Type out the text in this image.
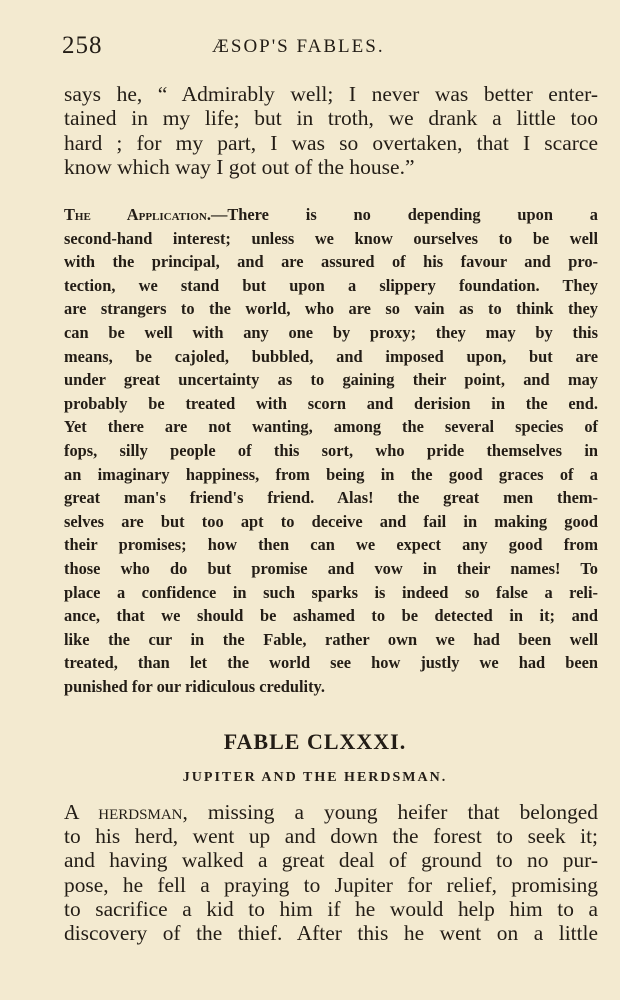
258	ÆSOP'S FABLES.

says he, “ Admirably well; I never was better enter-
tained in my life; but in troth, we drank a little too
hard ; for my part, I was so overtaken, that I scarce
know which way I got out of the house.”

The Application.—There is no depending upon a
second-hand interest; unless we know ourselves to be well
with the principal, and are assured of his favour and pro-
tection, we stand but upon a slippery foundation. They
are strangers to the world, who are so vain as to think they
can be well with any one by proxy; they may by this
means, be cajoled, bubbled, and imposed upon, but are
under great uncertainty as to gaining their point, and may
probably be treated with scorn and derision in the end.
Yet there are not wanting, among the several species of
fops, silly people of this sort, who pride themselves in
an imaginary happiness, from being in the good graces of a
great man's friend's friend. Alas! the great men them-
selves are but too apt to deceive and fail in making good
their promises; how then can we expect any good from
those who do but promise and vow in their names! To
place a confidence in such sparks is indeed so false a reli-
ance, that we should be ashamed to be detected in it; and
like the cur in the Fable, rather own we had been well
treated, than let the world see how justly we had been
punished for our ridiculous credulity.

FABLE CLXXXI.
JUPITER AND THE HERDSMAN.

A herdsman, missing a young heifer that belonged
to his herd, went up and down the forest to seek it;
and having walked a great deal of ground to no pur-
pose, he fell a praying to Jupiter for relief, promising
to sacrifice a kid to him if he would help him to a
discovery of the thief. After this he went on a little
